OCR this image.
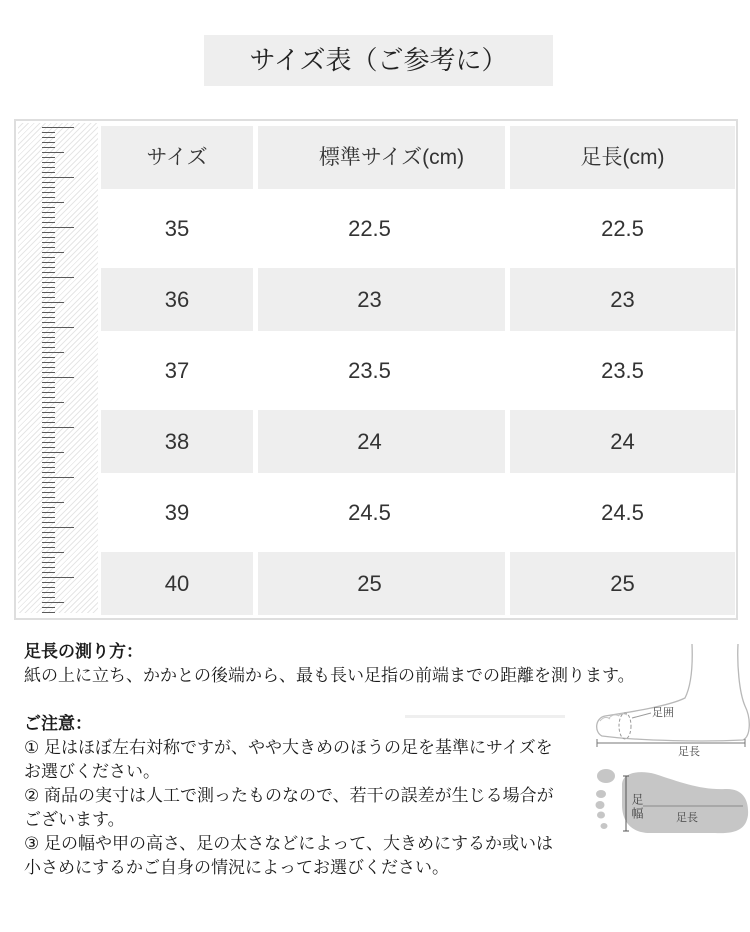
サイズ表（ご参考に）
サイズ	標準サイズ(cm)	足長(cm)
35	22.5	22.5
36	23	23
37	23.5	23.5
38	24	24
39	24.5	24.5
40	25	25
足囲
足長
足幅	足長
足長の測り方：
紙の上に立ち、かかとの後端から、最も長い足指の前端までの距離を測ります。
ご注意：
① 足はほぼ左右対称ですが、やや大きめのほうの足を基準にサイズを
お選びください。
② 商品の実寸は人工で測ったものなので、若干の誤差が生じる場合が
ございます。
③ 足の幅や甲の高さ、足の太さなどによって、大きめにするか或いは
小さめにするかご自身の情況によってお選びください。
